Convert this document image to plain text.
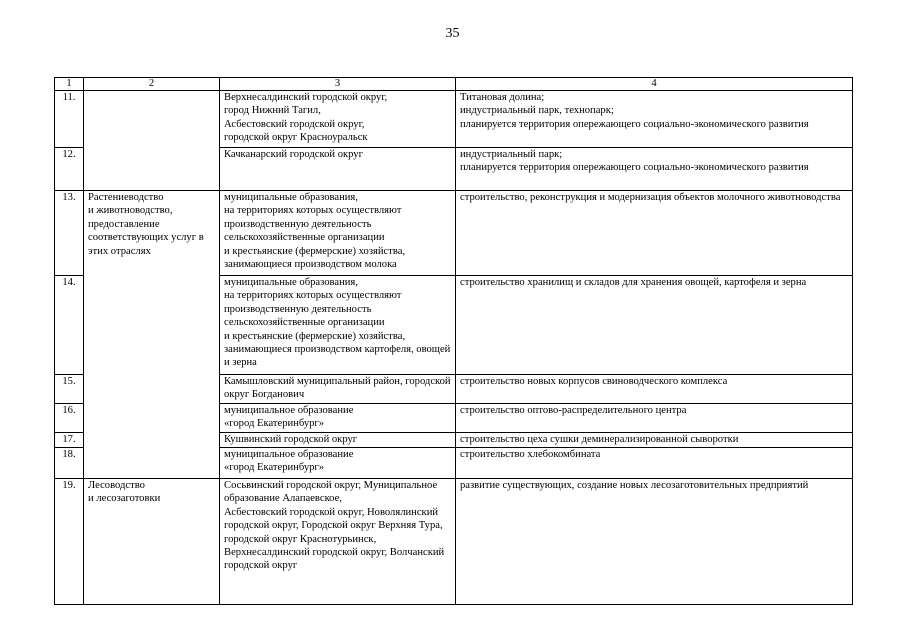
35
1	2	3	4
11.		Верхнесалдинский городской округ,
город Нижний Тагил,
Асбестовский городской округ,
городской округ Красноуральск	Титановая долина;
индустриальный парк, технопарк;
планируется территория опережающего социально-экономического развития
12.		Качканарский городской округ	индустриальный парк;
планируется территория опережающего социально-экономического развития
13.	Растениеводство
и животноводство, предоставление соответствующих услуг в этих отраслях	муниципальные образования,
на территориях которых осуществляют производственную деятельность сельскохозяйственные организации
и крестьянские (фермерские) хозяйства, занимающиеся производством молока	строительство, реконструкция и модернизация объектов молочного животноводства
14.		муниципальные образования,
на территориях которых осуществляют производственную деятельность сельскохозяйственные организации
и крестьянские (фермерские) хозяйства, занимающиеся производством картофеля, овощей и зерна	строительство хранилищ и складов для хранения овощей, картофеля и зерна
15.		Камышловский муниципальный район, городской округ Богданович	строительство новых корпусов свиноводческого комплекса
16.		муниципальное образование
«город Екатеринбург»	строительство оптово-распределительного центра
17.		Кушвинский городской округ	строительство цеха сушки деминерализированной сыворотки
18.		муниципальное образование
«город Екатеринбург»	строительство хлебокомбината
19.	Лесоводство
и лесозаготовки	Сосьвинский городской округ, Муниципальное образование Алапаевское,
Асбестовский городской округ, Новолялинский городской округ, Городской округ Верхняя Тура, городской округ Краснотурьинск, Верхнесалдинский городской округ, Волчанский городской округ	развитие существующих, создание новых лесозаготовительных предприятий
